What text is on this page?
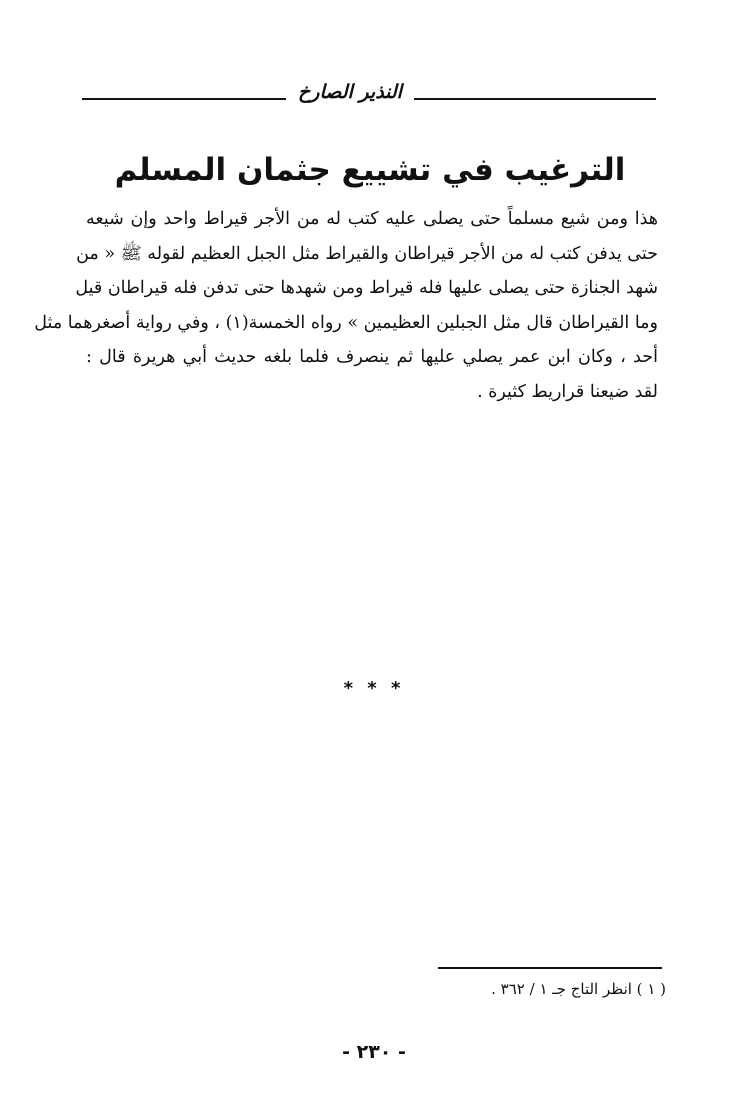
النذير الصارخ
الترغيب في تشييع جثمان المسلم
هذا ومن شيع مسلماً حتى يصلى عليه كتب له من الأجر قيراط واحد وإن شيعه
حتى يدفن كتب له من الأجر قيراطان والقيراط مثل الجبل العظيم لقوله ﷺ « من
شهد الجنازة حتى يصلى عليها فله قيراط ومن شهدها حتى تدفن فله قيراطان قيل
وما القيراطان قال مثل الجبلين العظيمين » رواه الخمسة(١) ، وفي رواية أصغرهما مثل
أحد ، وكان ابن عمر يصلي عليها ثم ينصرف فلما بلغه حديث أبي هريرة قال :
لقد ضيعنا قراريط كثيرة .
* * *
( ١ ) انظر التاج جـ ١ / ٣٦٢ .
- ٢٣٠ -
